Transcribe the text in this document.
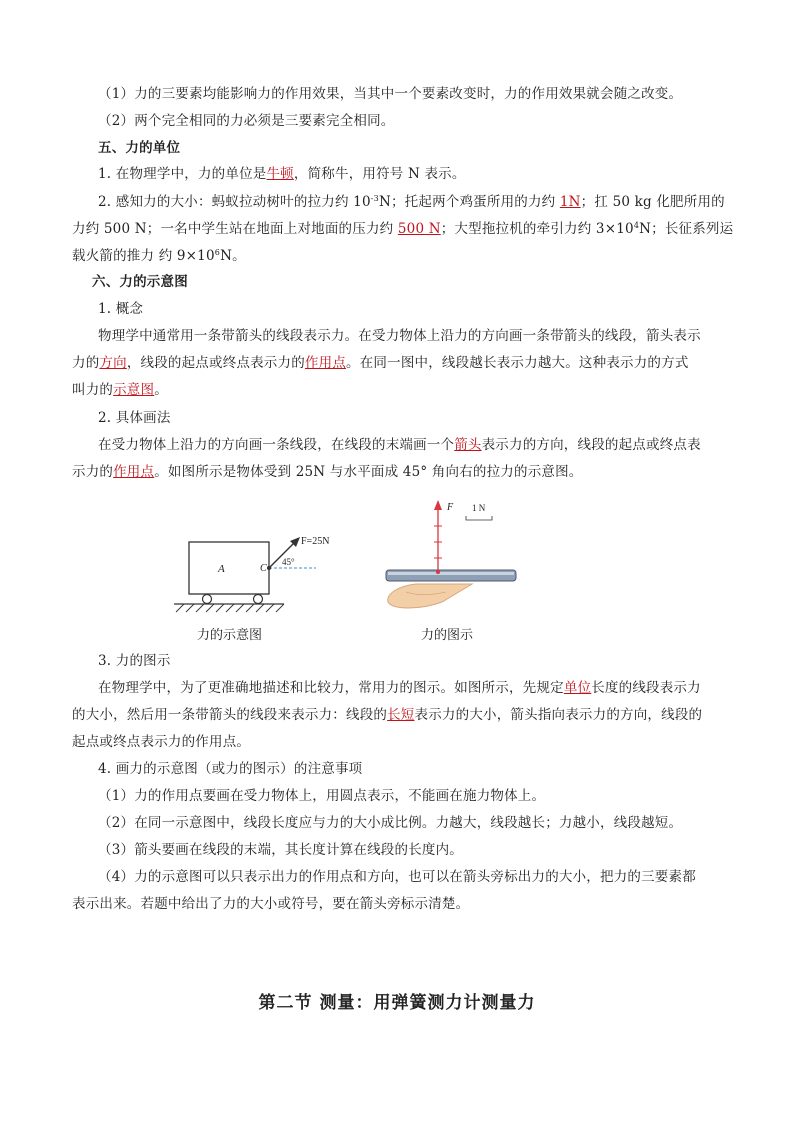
（1）力的三要素均能影响力的作用效果，当其中一个要素改变时，力的作用效果就会随之改变。
（2）两个完全相同的力必须是三要素完全相同。
五、力的单位
1. 在物理学中，力的单位是牛顿，简称牛，用符号 N 表示。
2. 感知力的大小：蚂蚁拉动树叶的拉力约 $10^{-3}N$；托起两个鸡蛋所用的力约 1N；扛 50 kg 化肥所用的
力约 500 N；一名中学生站在地面上对地面的压力约 500 N；大型拖拉机的牵引力约 $3\times 10^4N$；长征系列运
载火箭的推力 约 $9\times 10^6N$。
六、力的示意图
1. 概念
物理学中通常用一条带箭头的线段表示力。在受力物体上沿力的方向画一条带箭头的线段，箭头表示
力的方向，线段的起点或终点表示力的作用点。在同一图中，线段越长表示力越大。这种表示力的方式
叫力的示意图。
2. 具体画法
在受力物体上沿力的方向画一条线段，在线段的末端画一个箭头表示力的方向，线段的起点或终点表
示力的作用点。如图所示是物体受到 25N 与水平面成 45° 角向右的拉力的示意图。
A	C
F=25N
45°
力的示意图
F 1 N
力的图示
3. 力的图示
在物理学中，为了更准确地描述和比较力，常用力的图示。如图所示，先规定单位长度的线段表示力
的大小，然后用一条带箭头的线段来表示力：线段的长短表示力的大小，箭头指向表示力的方向，线段的
起点或终点表示力的作用点。
4. 画力的示意图（或力的图示）的注意事项
（1）力的作用点要画在受力物体上，用圆点表示，不能画在施力物体上。
（2）在同一示意图中，线段长度应与力的大小成比例。力越大，线段越长；力越小，线段越短。
（3）箭头要画在线段的末端，其长度计算在线段的长度内。
（4）力的示意图可以只表示出力的作用点和方向，也可以在箭头旁标出力的大小，把力的三要素都
表示出来。若题中给出了力的大小或符号，要在箭头旁标示清楚。
第二节 测量：用弹簧测力计测量力
